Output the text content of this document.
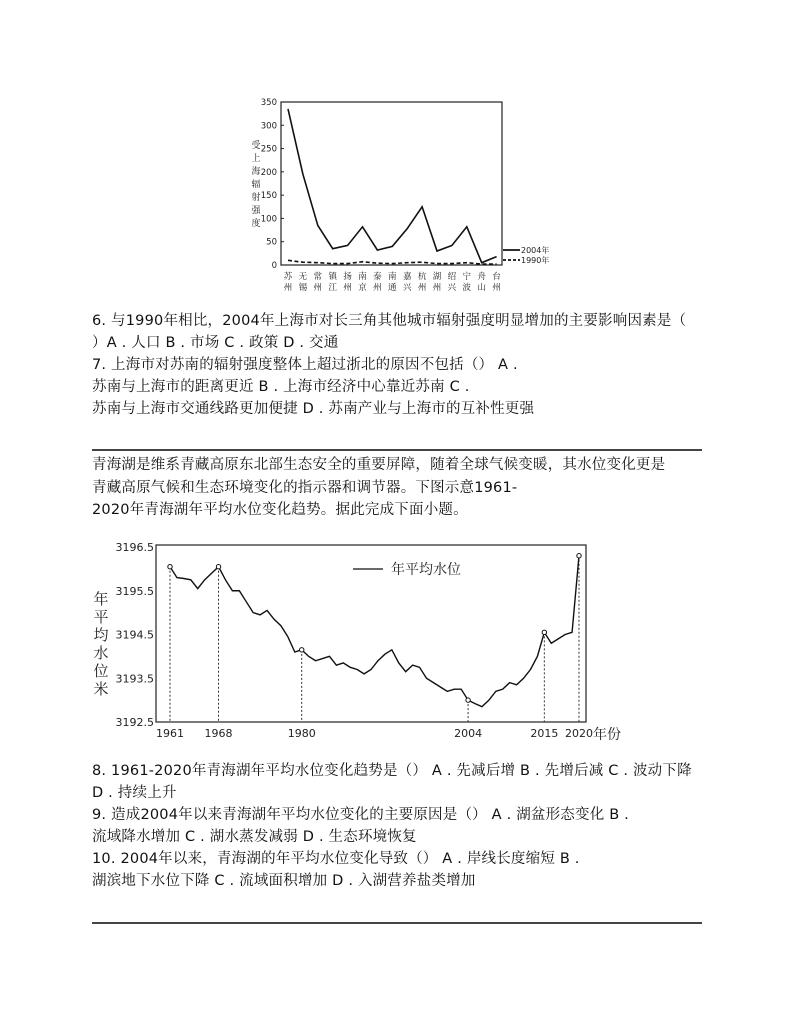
受
上
海
辐
射
强
度
350
300
250
200
150
100
50
0
苏
州
无
锡
常
州
镇
江
扬
州
南
京
泰
州
南
通
嘉
兴
杭
州
湖
州
绍
兴
宁
波
舟
山
台
州
2004年
1990年
6. 与1990年相比，2004年上海市对长三角其他城市辐射强度明显增加的主要影响因素是（
）A . 人口 B . 市场 C . 政策 D . 交通
7. 上海市对苏南的辐射强度整体上超过浙北的原因不包括（） A .
苏南与上海市的距离更近 B . 上海市经济中心靠近苏南 C .
苏南与上海市交通线路更加便捷 D . 苏南产业与上海市的互补性更强
青海湖是维系青藏高原东北部生态安全的重要屏障，随着全球气候变暖，其水位变化更是
青藏高原气候和生态环境变化的指示器和调节器。下图示意1961-
2020年青海湖年平均水位变化趋势。据此完成下面小题。
年
平
均
水
位
米
3196.5
3195.5
3194.5
3193.5
3192.5
1961 1968	1980	2004	2015 2020 年份
年平均水位
8. 1961-2020年青海湖年平均水位变化趋势是（） A . 先减后增 B . 先增后减 C . 波动下降
D . 持续上升
9. 造成2004年以来青海湖年平均水位变化的主要原因是（） A . 湖盆形态变化 B .
流域降水增加 C . 湖水蒸发减弱 D . 生态环境恢复
10. 2004年以来，青海湖的年平均水位变化导致（） A . 岸线长度缩短 B .
湖滨地下水位下降 C . 流域面积增加 D . 入湖营养盐类增加
